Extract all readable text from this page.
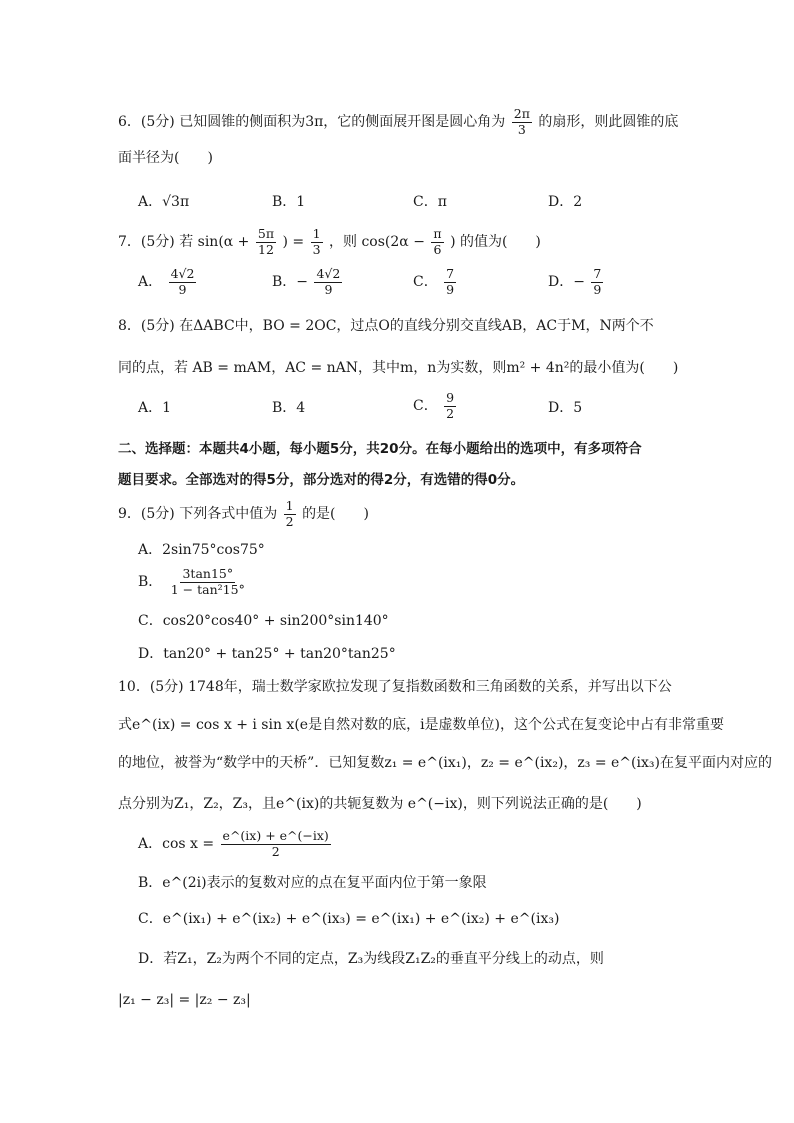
6．(5分) 已知圆锥的侧面积为3π，它的侧面展开图是圆心角为 $\frac{2\pi}{3}$ 的扇形，则此圆锥的底
面半径为(　　)
A．√3π	B．1	C．π	D．2
7．(5分) 若 $\sin(\alpha + \frac{5\pi}{12}$ ) = $\frac{1}{3}$ ，则 $\cos(2\alpha - \frac{\pi}{6}$ ) 的值为(　　)
A． $\frac{4√2}{9}$	B．− $\frac{4√2}{9}$	C． $\frac{7}{9}$	D．− $\frac{7}{9}$
8．(5分) 在ΔABC中，BO = 2OC，过点O的直线分别交直线AB，AC于M，N两个不
同的点，若 AB = mAM，AC = nAN，其中m，n为实数，则m² + 4n²的最小值为(　　)
A．1	B．4	C． $\frac{9}{2}$	D．5
二、选择题：本题共4小题，每小题5分，共20分。在每小题给出的选项中，有多项符合
题目要求。全部选对的得5分，部分选对的得2分，有选错的得0分。
9．(5分) 下列各式中值为 $\frac{1}{2}$ 的是(　　)
A．2sin75°cos75°
B． $\frac{3\tan 15^\circ}{\text{1 − tan²15°}}$
C．cos20°cos40° + sin200°sin140°
D．tan20° + tan25° + tan20°tan25°
10．(5分) 1748年，瑞士数学家欧拉发现了复指数函数和三角函数的关系，并写出以下公
式e^(ix) = cos x + i sin x(e是自然对数的底，i是虚数单位)，这个公式在复变论中占有非常重要
的地位，被誉为“数学中的天桥”．已知复数z₁ = e^(ix₁)，z₂ = e^(ix₂)，z₃ = e^(ix₃)在复平面内对应的
点分别为Z₁，Z₂，Z₃，且e^(ix)的共轭复数为 e^(−ix)，则下列说法正确的是(　　)
A．$\cos x = \frac{e\^{}(ix) + e\^{}(-ix)}{2}$
B．e^(2i)表示的复数对应的点在复平面内位于第一象限
C．e^(ix₁) + e^(ix₂) + e^(ix₃) = e^(ix₁) + e^(ix₂) + e^(ix₃)
D．若Z₁，Z₂为两个不同的定点，Z₃为线段Z₁Z₂的垂直平分线上的动点，则
|z₁ − z₃| = |z₂ − z₃|
